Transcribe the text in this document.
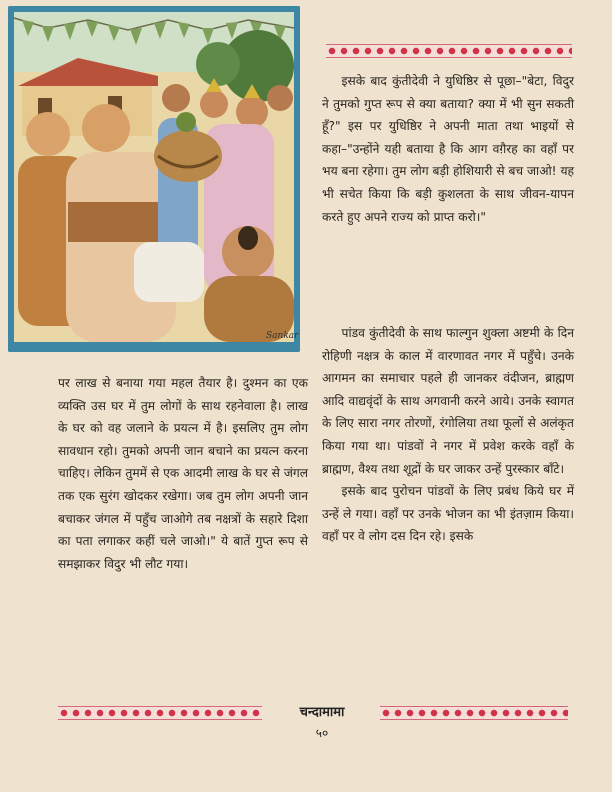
Sankar

इसके बाद कुंतीदेवी ने युधिष्ठिर से पूछा–"बेटा, विदुर ने तुमको गुप्त रूप से क्या बताया? क्या में भी सुन सकती हूँ?" इस पर युधिष्ठिर ने अपनी माता तथा भाइयों से कहा–"उन्होंने यही बताया है कि आग वग़ैरह का वहाँ पर भय बना रहेगा। तुम लोग बड़ी होशियारी से बच जाओ! यह भी सचेत किया कि बड़ी कुशलता के साथ जीवन-यापन करते हुए अपने राज्य को प्राप्त करो।"

पांडव कुंतीदेवी के साथ फाल्गुन शुक्ला अष्टमी के दिन रोहिणी नक्षत्र के काल में वारणावत नगर में पहुँचे। उनके आगमन का समाचार पहले ही जानकर वंदीजन, ब्राह्मण आदि वाद्यवृंदों के साथ अगवानी करने आये। उनके स्वागत के लिए सारा नगर तोरणों, रंगोलिया तथा फूलों से अलंकृत किया गया था। पांडवों ने नगर में प्रवेश करके वहाँ के ब्राह्मण, वैश्य तथा शूद्रों के घर जाकर उन्हें पुरस्कार बाँटे।

इसके बाद पुरोचन पांडवों के लिए प्रबंध किये घर में उन्हें ले गया। वहाँ पर उनके भोजन का भी इंतज़ाम किया। वहाँ पर वे लोग दस दिन रहे। इसके

पर लाख से बनाया गया महल तैयार है। दुश्मन का एक व्यक्ति उस घर में तुम लोगों के साथ रहनेवाला है। लाख के घर को वह जलाने के प्रयत्न में है। इसलिए तुम लोग सावधान रहो। तुमको अपनी जान बचाने का प्रयत्न करना चाहिए। लेकिन तुममें से एक आदमी लाख के घर से जंगल तक एक सुरंग खोदकर रखेगा। जब तुम लोग अपनी जान बचाकर जंगल में पहुँच जाओगे तब नक्षत्रों के सहारे दिशा का पता लगाकर कहीं चले जाओ।" ये बातें गुप्त रूप से समझाकर विदुर भी लौट गया।

चन्दामामा
५०
